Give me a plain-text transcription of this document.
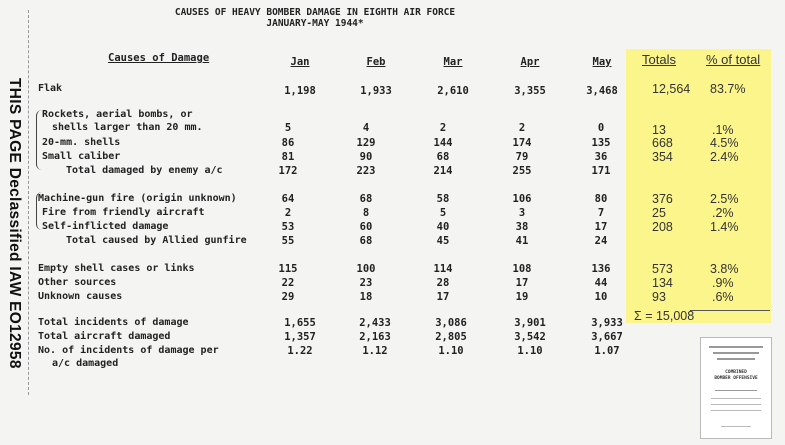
THIS PAGE Declassified IAW EO12958
CAUSES OF HEAVY BOMBER DAMAGE IN EIGHTH AIR FORCE
JANUARY-MAY 1944*
Causes of Damage	Jan	Feb	Mar	Apr	May	Totals % of total
Flak	1,198	1,933	2,610	3,355	3,468	12,564 83.7%
Rockets, aerial bombs, or
shells larger than 20 mm.	5	4	2	2	0	13	.1%
20-mm. shells	86	129	144	174	135	668	4.5%
Small caliber	81	90	68	79	36	354	2.4%
Total damaged by enemy a/c	172	223	214	255	171
Machine-gun fire (origin unknown)	64	68	58	106	80	376	2.5%
Fire from friendly aircraft	2	8	5	3	7	25	.2%
Self-inflicted damage	53	60	40	38	17	208	1.4%
Total caused by Allied gunfire	55	68	45	41	24
Empty shell cases or links	115	100	114	108	136	573	3.8%
Other sources	22	23	28	17	44	134	.9%
Unknown causes	29	18	17	19	10	93	.6%
Σ = 15,008
Total incidents of damage	1,655	2,433	3,086	3,901	3,933
Total aircraft damaged	1,357	2,163	2,805	3,542	3,667
No. of incidents of damage per
a/c damaged
1.22	1.12	1.10	1.10	1.07
COMBINED
BOMBER OFFENSIVE
